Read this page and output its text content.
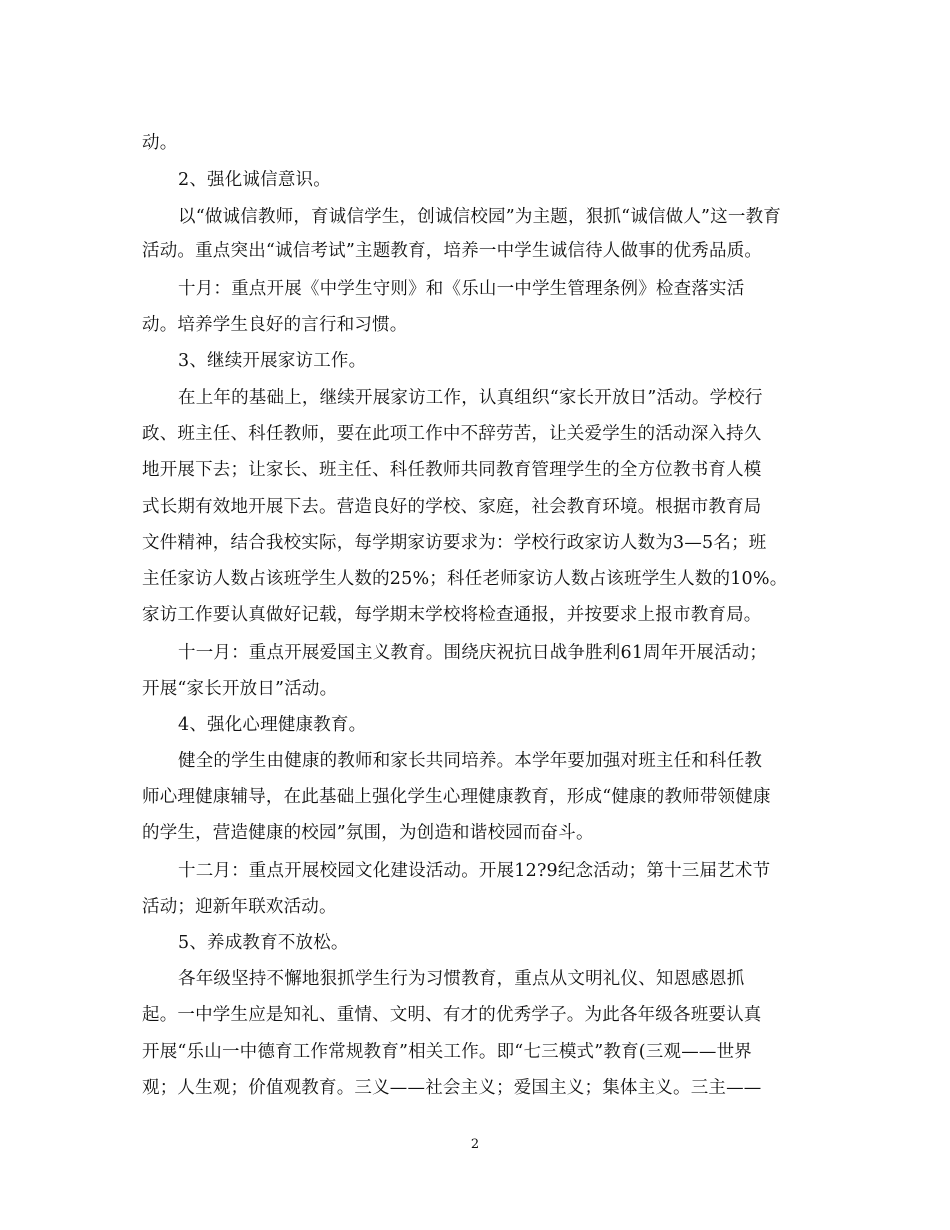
动。
2、强化诚信意识。
以“做诚信教师，育诚信学生，创诚信校园”为主题，狠抓“诚信做人”这一教育
活动。重点突出“诚信考试”主题教育，培养一中学生诚信待人做事的优秀品质。
十月：重点开展《中学生守则》和《乐山一中学生管理条例》检查落实活
动。培养学生良好的言行和习惯。
3、继续开展家访工作。
在上年的基础上，继续开展家访工作，认真组织“家长开放日”活动。学校行
政、班主任、科任教师，要在此项工作中不辞劳苦，让关爱学生的活动深入持久
地开展下去；让家长、班主任、科任教师共同教育管理学生的全方位教书育人模
式长期有效地开展下去。营造良好的学校、家庭，社会教育环境。根据市教育局
文件精神，结合我校实际，每学期家访要求为：学校行政家访人数为3—5名；班
主任家访人数占该班学生人数的25%；科任老师家访人数占该班学生人数的10%。
家访工作要认真做好记载，每学期末学校将检查通报，并按要求上报市教育局。
十一月：重点开展爱国主义教育。围绕庆祝抗日战争胜利61周年开展活动；
开展“家长开放日”活动。
4、强化心理健康教育。
健全的学生由健康的教师和家长共同培养。本学年要加强对班主任和科任教
师心理健康辅导，在此基础上强化学生心理健康教育，形成“健康的教师带领健康
的学生，营造健康的校园”氛围，为创造和谐校园而奋斗。
十二月：重点开展校园文化建设活动。开展12?9纪念活动；第十三届艺术节
活动；迎新年联欢活动。
5、养成教育不放松。
各年级坚持不懈地狠抓学生行为习惯教育，重点从文明礼仪、知恩感恩抓
起。一中学生应是知礼、重情、文明、有才的优秀学子。为此各年级各班要认真
开展“乐山一中德育工作常规教育”相关工作。即“七三模式”教育(三观——世界
观；人生观；价值观教育。三义——社会主义；爱国主义；集体主义。三主——
2
